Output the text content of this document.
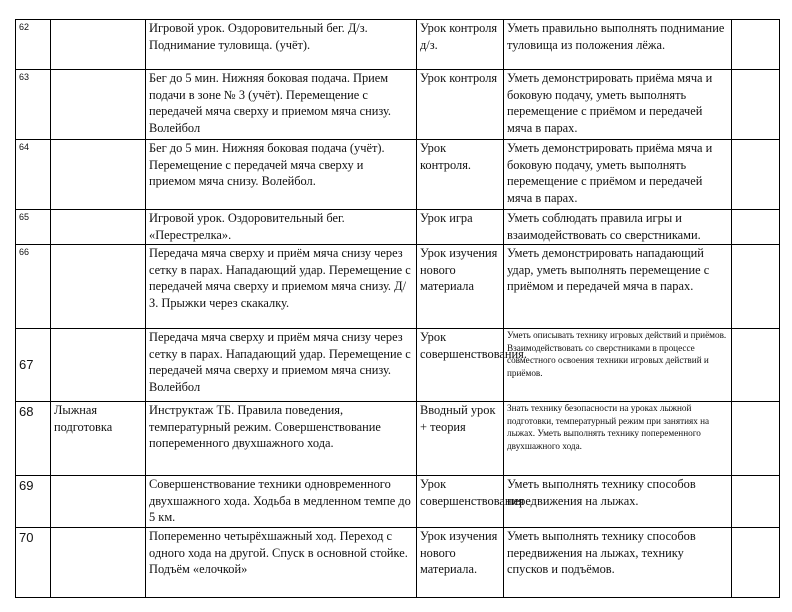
62		Игровой урок. Оздоровительный бег. Д/з. Поднимание туловища. (учёт).	Урок контроля д/з.	Уметь правильно выполнять поднимание туловища из положения лёжа.	
63		Бег до 5 мин. Нижняя боковая подача. Прием подачи в зоне № 3 (учёт). Перемещение с передачей мяча сверху и приемом мяча снизу. Волейбол	Урок контроля	Уметь демонстрировать приёма мяча и боковую подачу, уметь выполнять перемещение с приёмом и передачей мяча в парах.	
64		Бег до 5 мин. Нижняя боковая подача (учёт). Перемещение с передачей мяча сверху и приемом мяча снизу. Волейбол.	Урок контроля.	Уметь демонстрировать приёма мяча и боковую подачу, уметь выполнять перемещение с приёмом и передачей мяча в парах.	
65		Игровой урок. Оздоровительный бег. «Перестрелка».	Урок игра	Уметь соблюдать правила игры и взаимодействовать со сверстниками.	
66		Передача мяча сверху и приём мяча снизу через сетку в парах. Нападающий удар. Перемещение с передачей мяча сверху и приемом мяча снизу. Д/З. Прыжки через скакалку.	Урок изучения нового материала	Уметь демонстрировать нападающий удар, уметь выполнять перемещение с приёмом и передачей мяча в парах.	
67		Передача мяча сверху и приём мяча снизу через сетку в парах. Нападающий удар. Перемещение с передачей мяча сверху и приемом мяча снизу. Волейбол	Урок совершенствования.	Уметь описывать технику игровых действий и приёмов. Взаимодействовать со сверстниками в процессе совместного освоения техники игровых действий и приёмов.	
68	Лыжная подготовка	Инструктаж ТБ. Правила поведения, температурный режим. Совершенствование попеременного двухшажного хода.	Вводный урок + теория	Знать технику безопасности на уроках лыжной подготовки, температурный режим при занятиях на лыжах. Уметь выполнять технику попеременного двухшажного хода.	
69		Совершенствование техники одновременного двухшажного хода. Ходьба в медленном темпе до 5 км.	Урок совершенствования	Уметь выполнять технику способов передвижения на лыжах.	
70		Попеременно четырёхшажный ход. Переход с одного хода на другой. Спуск в основной стойке. Подъём «елочкой»	Урок изучения нового материала.	Уметь выполнять технику способов передвижения на лыжах, технику спусков и подъёмов.	
